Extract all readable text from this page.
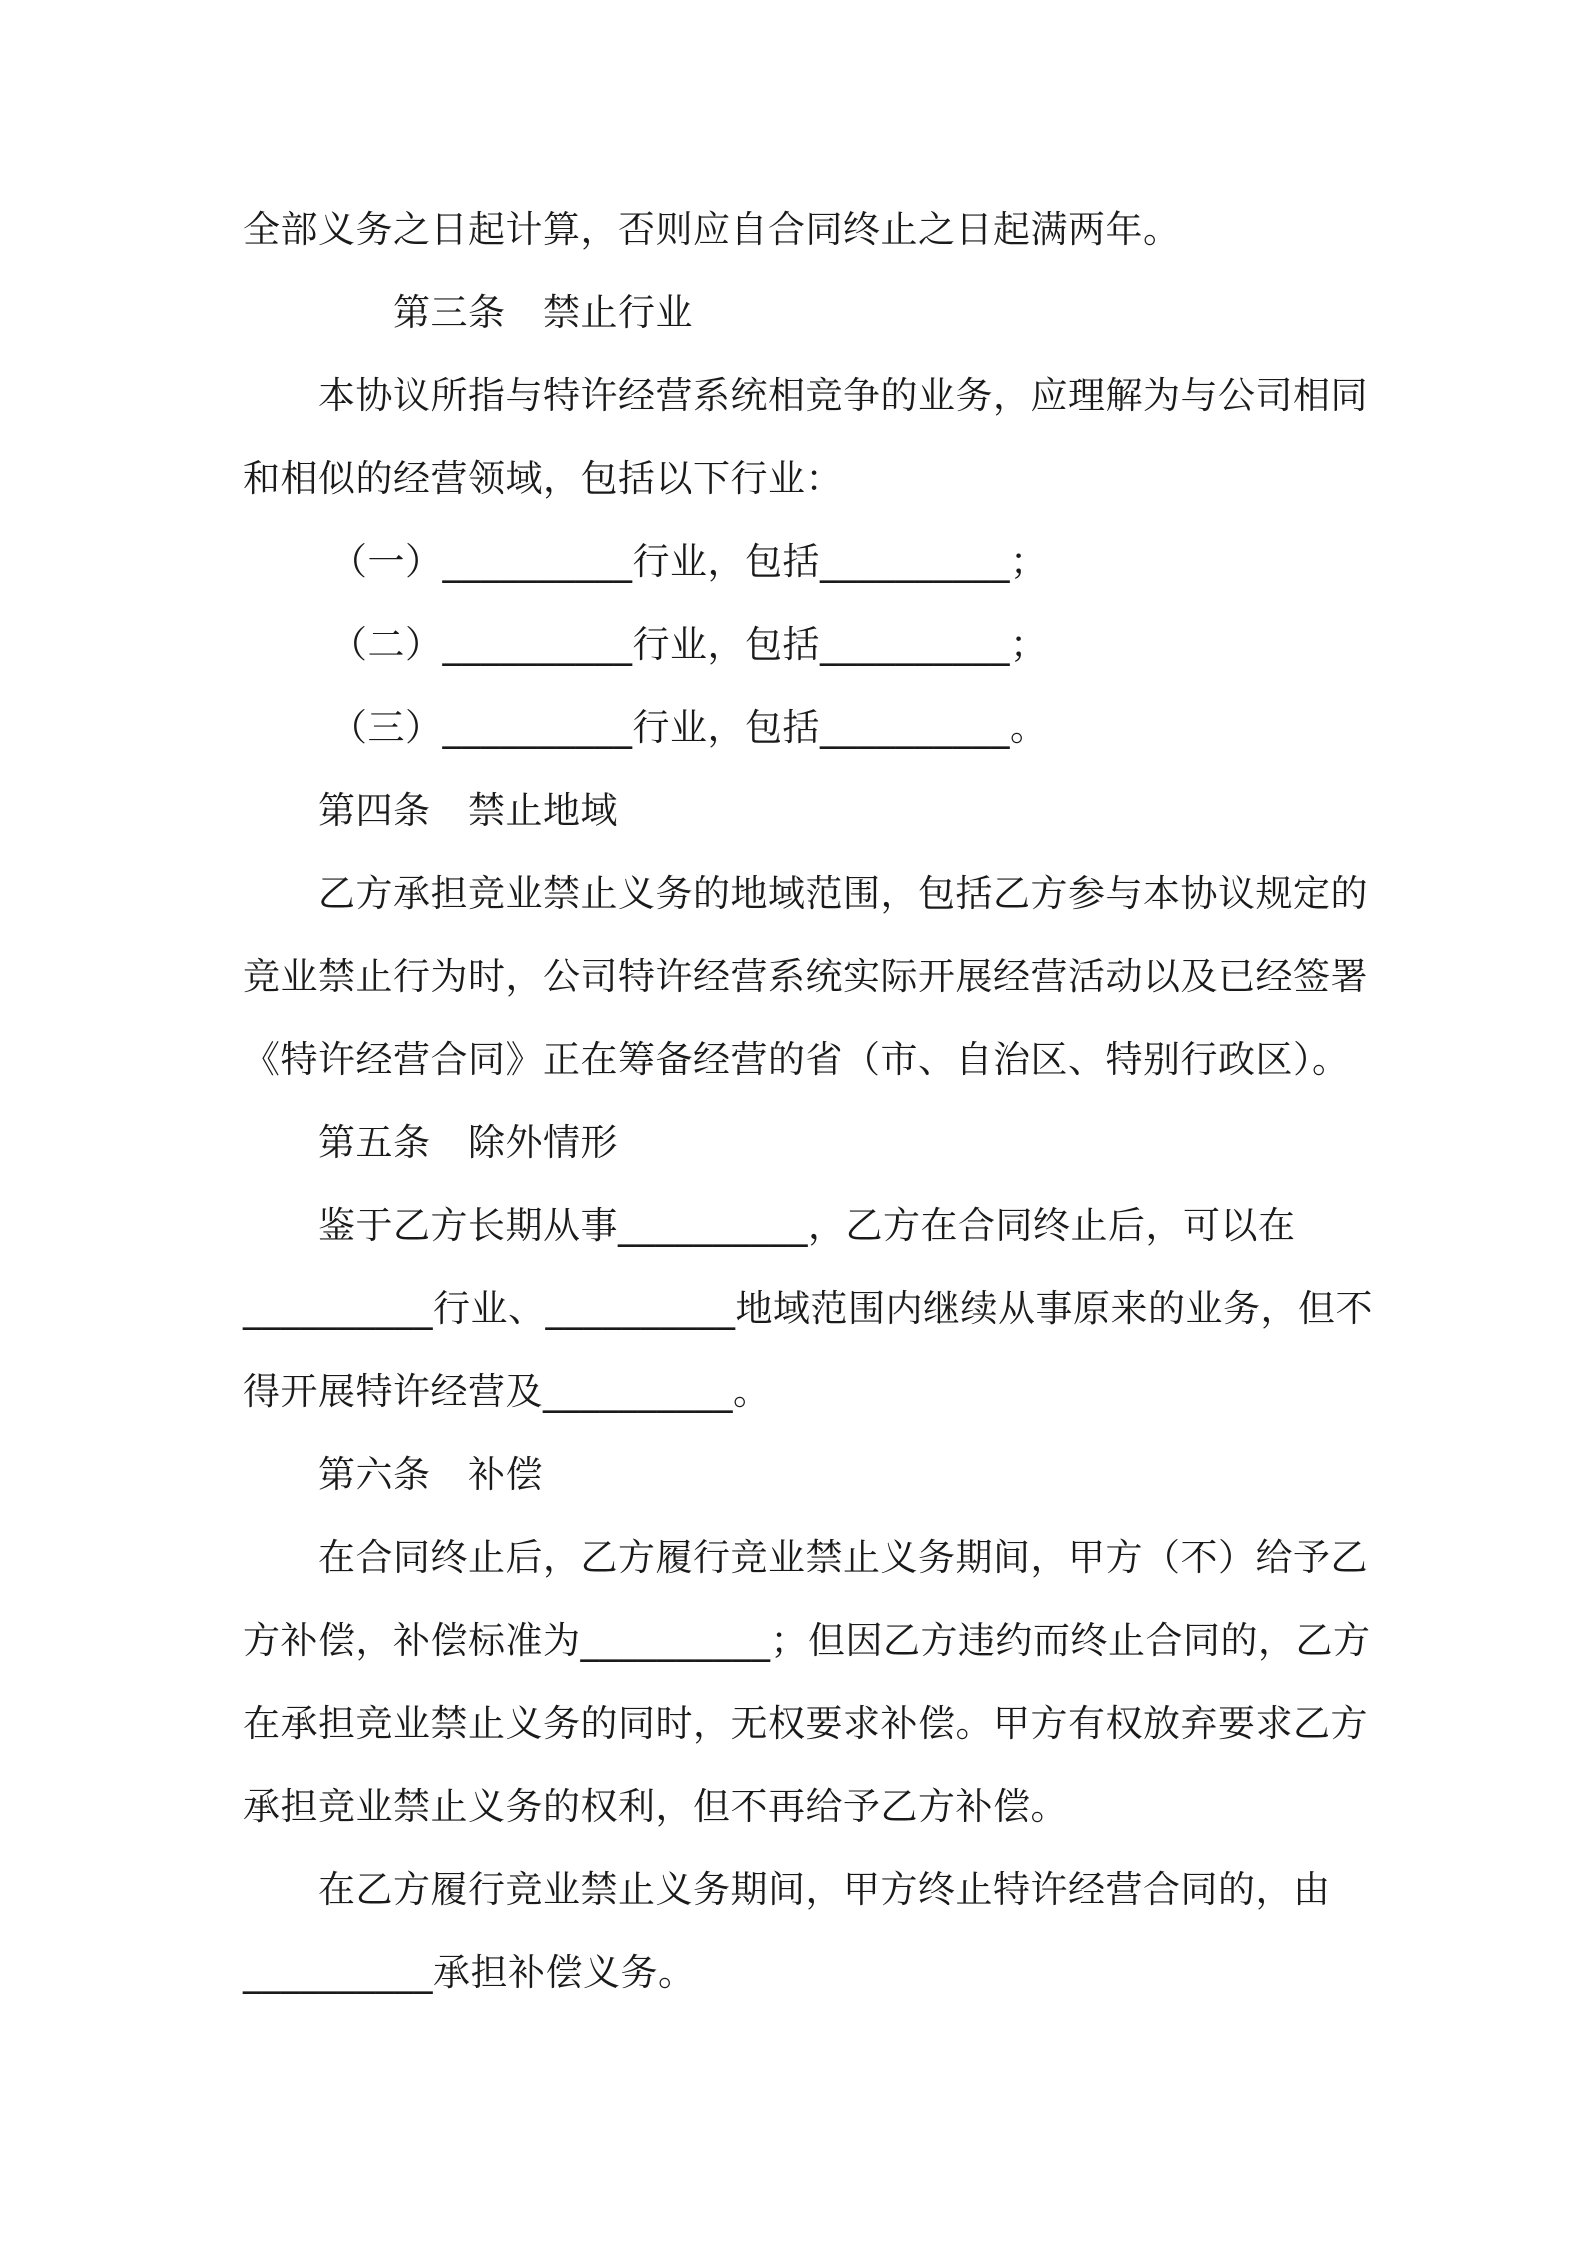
全部义务之日起计算，否则应自合同终止之日起满两年。
第三条　禁止行业
本协议所指与特许经营系统相竞争的业务，应理解为与公司相同
和相似的经营领域，包括以下行业：
（一）__________行业，包括__________；
（二）__________行业，包括__________；
（三）__________行业，包括__________。
第四条　禁止地域
乙方承担竞业禁止义务的地域范围，包括乙方参与本协议规定的
竞业禁止行为时，公司特许经营系统实际开展经营活动以及已经签署
《特许经营合同》正在筹备经营的省（市、自治区、特别行政区）。
第五条　除外情形
鉴于乙方长期从事__________，乙方在合同终止后，可以在
__________行业、__________地域范围内继续从事原来的业务，但不
得开展特许经营及__________。
第六条　补偿
在合同终止后，乙方履行竞业禁止义务期间，甲方（不）给予乙
方补偿，补偿标准为__________；但因乙方违约而终止合同的，乙方
在承担竞业禁止义务的同时，无权要求补偿。甲方有权放弃要求乙方
承担竞业禁止义务的权利，但不再给予乙方补偿。
在乙方履行竞业禁止义务期间，甲方终止特许经营合同的，由
__________承担补偿义务。
